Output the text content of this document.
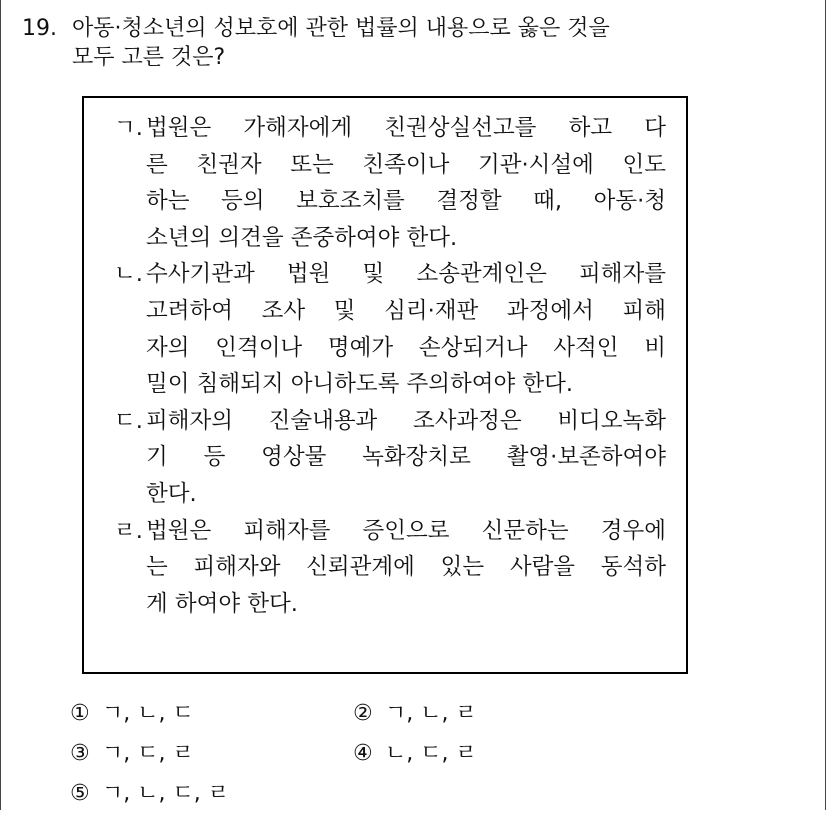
19. 아동·청소년의 성보호에 관한 법률의 내용으로 옳은 것을
모두 고른 것은?
ㄱ. 법원은 가해자에게 친권상실선고를 하고 다
른 친권자 또는 친족이나 기관·시설에 인도
하는 등의 보호조치를 결정할 때, 아동·청
소년의 의견을 존중하여야 한다.
ㄴ. 수사기관과 법원 및 소송관계인은 피해자를
고려하여 조사 및 심리·재판 과정에서 피해
자의 인격이나 명예가 손상되거나 사적인 비
밀이 침해되지 아니하도록 주의하여야 한다.
ㄷ. 피해자의 진술내용과 조사과정은 비디오녹화
기 등 영상물 녹화장치로 촬영·보존하여야
한다.
ㄹ. 법원은 피해자를 증인으로 신문하는 경우에
는 피해자와 신뢰관계에 있는 사람을 동석하
게 하여야 한다.
① ㄱ, ㄴ, ㄷ	② ㄱ, ㄴ, ㄹ
③ ㄱ, ㄷ, ㄹ	④ ㄴ, ㄷ, ㄹ
⑤ ㄱ, ㄴ, ㄷ, ㄹ
